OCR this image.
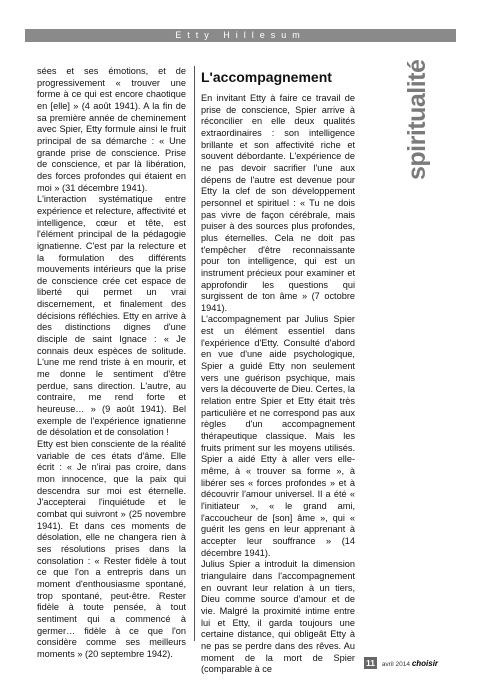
Etty Hillesum
spiritualité

sées et ses émotions, et de progressivement « trouver une forme à ce qui est encore chaotique en [elle] » (4 août 1941). A la fin de sa première année de cheminement avec Spier, Etty formule ainsi le fruit principal de sa démarche : « Une grande prise de conscience. Prise de conscience, et par là libération, des forces profondes qui étaient en moi » (31 décembre 1941).

L'interaction systématique entre expérience et relecture, affectivité et intelligence, cœur et tête, est l'élément principal de la pédagogie ignatienne. C'est par la relecture et la formulation des différents mouvements intérieurs que la prise de conscience crée cet espace de liberté qui permet un vrai discernement, et finalement des décisions réfléchies. Etty en arrive à des distinctions dignes d'une disciple de saint Ignace : « Je connais deux espèces de solitude. L'une me rend triste à en mourir, et me donne le sentiment d'être perdue, sans direction. L'autre, au contraire, me rend forte et heureuse… » (9 août 1941). Bel exemple de l'expérience ignatienne de désolation et de consolation !

Etty est bien consciente de la réalité variable de ces états d'âme. Elle écrit : « Je n'irai pas croire, dans mon innocence, que la paix qui descendra sur moi est éternelle. J'accepterai l'inquiétude et le combat qui suivront » (25 novembre 1941). Et dans ces moments de désolation, elle ne changera rien à ses résolutions prises dans la consolation : « Rester fidèle à tout ce que l'on a entrepris dans un moment d'enthousiasme spontané, trop spontané, peut-être. Rester fidèle à toute pensée, à tout sentiment qui a commencé à germer… fidèle à ce que l'on considère comme ses meilleurs moments » (20 septembre 1942).

L'accompagnement

En invitant Etty à faire ce travail de prise de conscience, Spier arrive à réconcilier en elle deux qualités extraordinaires : son intelligence brillante et son affectivité riche et souvent débordante. L'expérience de ne pas devoir sacrifier l'une aux dépens de l'autre est devenue pour Etty la clef de son développement personnel et spirituel : « Tu ne dois pas vivre de façon cérébrale, mais puiser à des sources plus profondes, plus éternelles. Cela ne doit pas t'empêcher d'être reconnaissante pour ton intelligence, qui est un instrument précieux pour examiner et approfondir les questions qui surgissent de ton âme » (7 octobre 1941).

L'accompagnement par Julius Spier est un élément essentiel dans l'expérience d'Etty. Consulté d'abord en vue d'une aide psychologique, Spier a guidé Etty non seulement vers une guérison psychique, mais vers la découverte de Dieu. Certes, la relation entre Spier et Etty était très particulière et ne correspond pas aux règles d'un accompagnement thérapeutique classique. Mais les fruits priment sur les moyens utilisés. Spier a aidé Etty à aller vers elle-même, à « trouver sa forme », à libérer ses « forces profondes » et à découvrir l'amour universel. Il a été « l'initiateur », « le grand ami, l'accoucheur de [son] âme », qui « guérit les gens en leur apprenant à accepter leur souffrance » (14 décembre 1941).

Julius Spier a introduit la dimension triangulaire dans l'accompagnement en ouvrant leur relation à un tiers, Dieu comme source d'amour et de vie. Malgré la proximité intime entre lui et Etty, il garda toujours une certaine distance, qui obligeât Etty à ne pas se perdre dans des rêves. Au moment de la mort de Spier (comparable à ce

11 avril 2014 choisir
